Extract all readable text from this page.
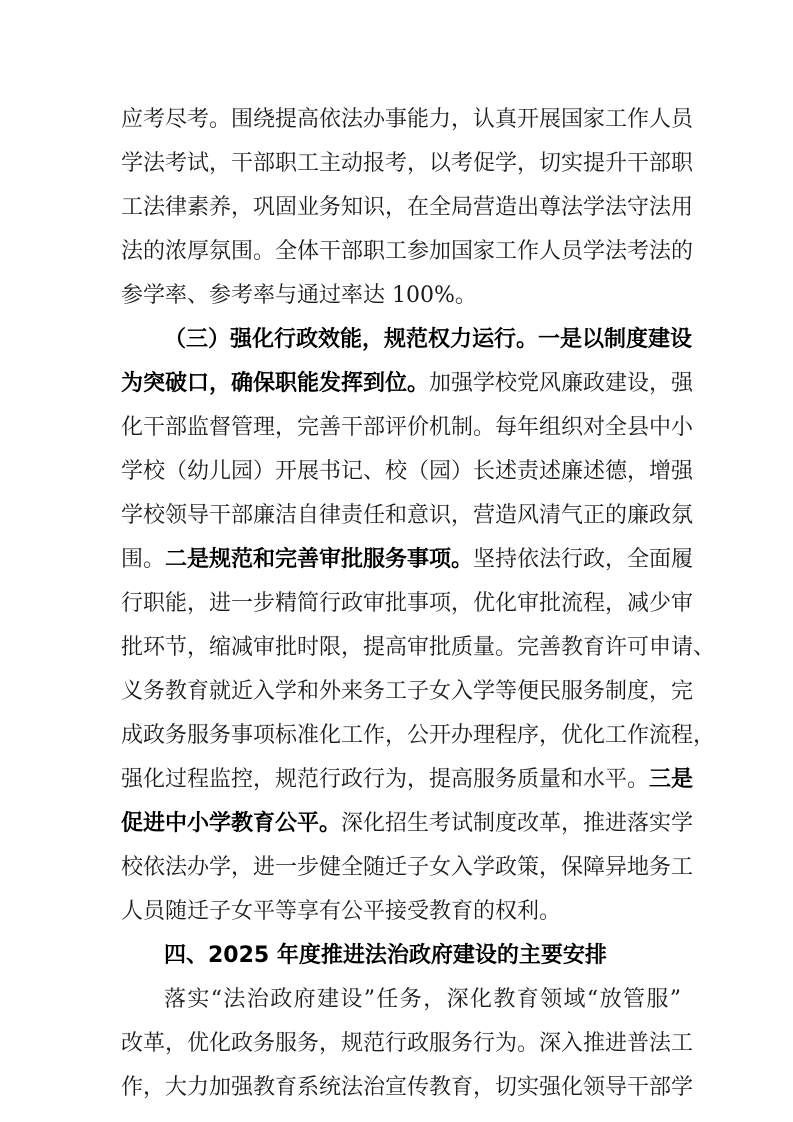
应考尽考。围绕提高依法办事能力，认真开展国家工作人员
学法考试，干部职工主动报考，以考促学，切实提升干部职
工法律素养，巩固业务知识，在全局营造出尊法学法守法用
法的浓厚氛围。全体干部职工参加国家工作人员学法考法的
参学率、参考率与通过率达 100%。
（三）强化行政效能，规范权力运行。一是以制度建设
为突破口，确保职能发挥到位。加强学校党风廉政建设，强
化干部监督管理，完善干部评价机制。每年组织对全县中小
学校（幼儿园）开展书记、校（园）长述责述廉述德，增强
学校领导干部廉洁自律责任和意识，营造风清气正的廉政氛
围。二是规范和完善审批服务事项。坚持依法行政，全面履
行职能，进一步精简行政审批事项，优化审批流程，减少审
批环节，缩减审批时限，提高审批质量。完善教育许可申请、
义务教育就近入学和外来务工子女入学等便民服务制度，完
成政务服务事项标准化工作，公开办理程序，优化工作流程，
强化过程监控，规范行政行为，提高服务质量和水平。三是
促进中小学教育公平。深化招生考试制度改革，推进落实学
校依法办学，进一步健全随迁子女入学政策，保障异地务工
人员随迁子女平等享有公平接受教育的权利。
四、2025 年度推进法治政府建设的主要安排
落实“法治政府建设”任务，深化教育领域“放管服”
改革，优化政务服务，规范行政服务行为。深入推进普法工
作，大力加强教育系统法治宣传教育，切实强化领导干部学
